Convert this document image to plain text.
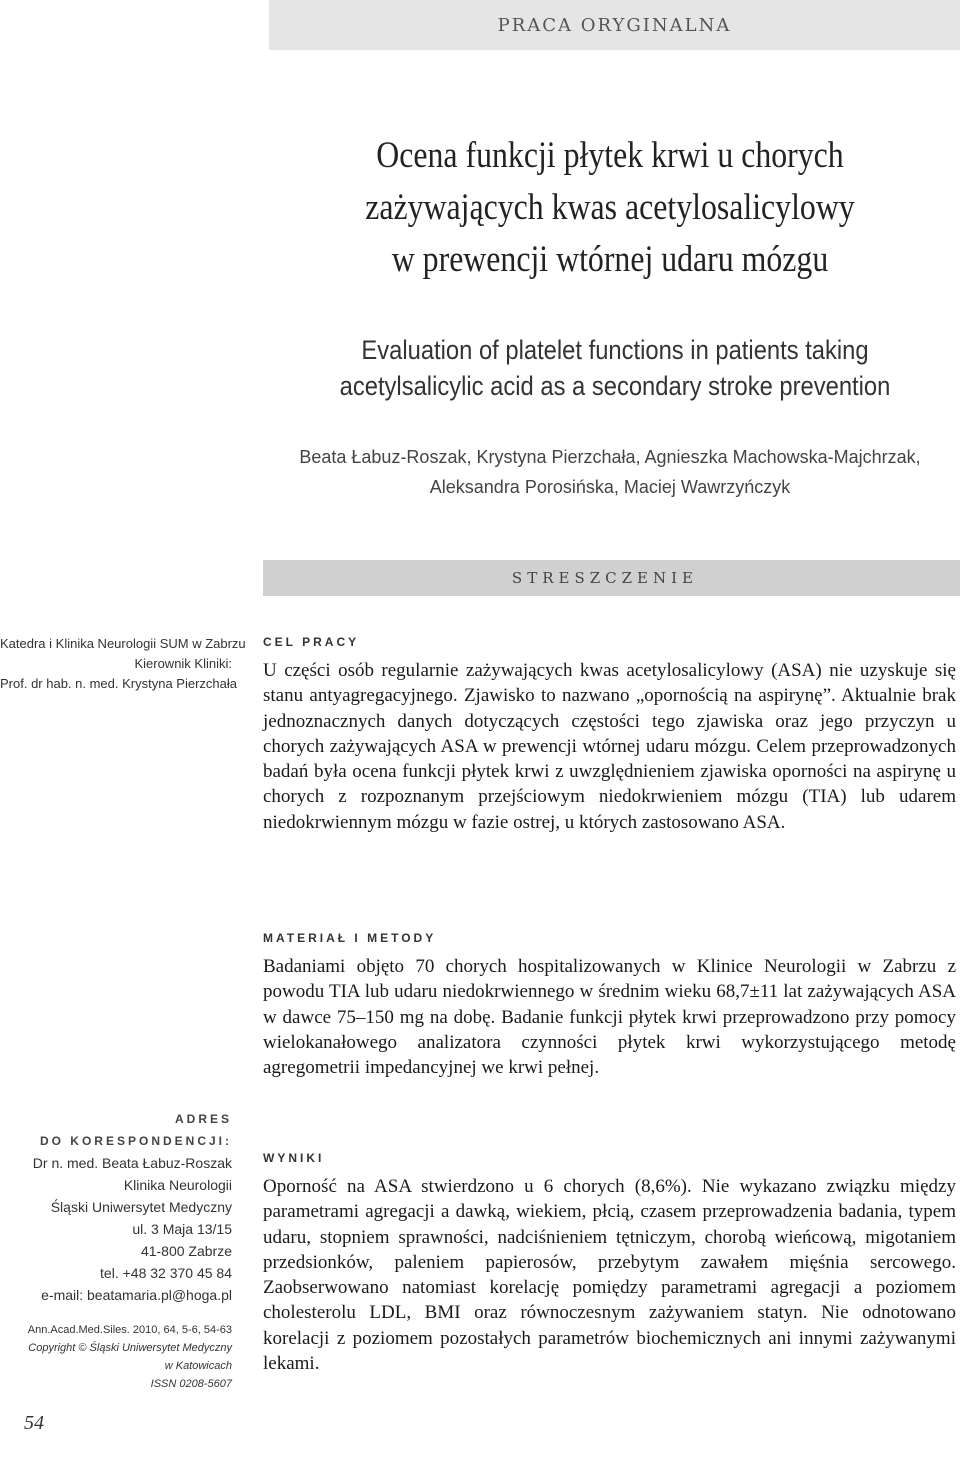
PRACA ORYGINALNA
Ocena funkcji płytek krwi u chorych
zażywających kwas acetylosalicylowy
w prewencji wtórnej udaru mózgu
Evaluation of platelet functions in patients taking
acetylsalicylic acid as a secondary stroke prevention
Beata Łabuz-Roszak, Krystyna Pierzchała, Agnieszka Machowska-Majchrzak,
Aleksandra Porosińska, Maciej Wawrzyńczyk
STRESZCZENIE
Katedra i Klinika Neurologii SUM w Zabrzu
Kierownik Kliniki:
Prof. dr hab. n. med. Krystyna Pierzchała
CEL PRACY
U części osób regularnie zażywających kwas acetylosalicylowy (ASA) nie uzyskuje się stanu antyagregacyjnego. Zjawisko to nazwano „opornością na aspirynę”. Aktualnie brak jednoznacznych danych dotyczących częstości tego zjawiska oraz jego przyczyn u chorych zażywających ASA w prewencji wtórnej udaru mózgu. Celem przeprowadzonych badań była ocena funkcji płytek krwi z uwzględnieniem zjawiska oporności na aspirynę u chorych z rozpoznanym przejściowym niedokrwieniem mózgu (TIA) lub udarem niedokrwiennym mózgu w fazie ostrej, u których zastosowano ASA.
MATERIAŁ I METODY
Badaniami objęto 70 chorych hospitalizowanych w Klinice Neurologii w Zabrzu z powodu TIA lub udaru niedokrwiennego w średnim wieku 68,7±11 lat zażywających ASA w dawce 75–150 mg na dobę. Badanie funkcji płytek krwi przeprowadzono przy pomocy wielokanałowego analizatora czynności płytek krwi wykorzystującego metodę agregometrii impedancyjnej we krwi pełnej.
WYNIKI
Oporność na ASA stwierdzono u 6 chorych (8,6%). Nie wykazano związku między parametrami agregacji a dawką, wiekiem, płcią, czasem przeprowadzenia badania, typem udaru, stopniem sprawności, nadciśnieniem tętniczym, chorobą wieńcową, migotaniem przedsionków, paleniem papierosów, przebytym zawałem mięśnia sercowego. Zaobserwowano natomiast korelację pomiędzy parametrami agregacji a poziomem cholesterolu LDL, BMI oraz równoczesnym zażywaniem statyn. Nie odnotowano korelacji z poziomem pozostałych parametrów biochemicznych ani innymi zażywanymi lekami.
ADRES
DO KORESPONDENCJI:
Dr n. med. Beata Łabuz-Roszak
Klinika Neurologii
Śląski Uniwersytet Medyczny
ul. 3 Maja 13/15
41-800 Zabrze
tel. +48 32 370 45 84
e-mail: beatamaria.pl@hoga.pl
Ann.Acad.Med.Siles. 2010, 64, 5-6, 54-63
Copyright © Śląski Uniwersytet Medyczny
w Katowicach
ISSN 0208-5607
54
